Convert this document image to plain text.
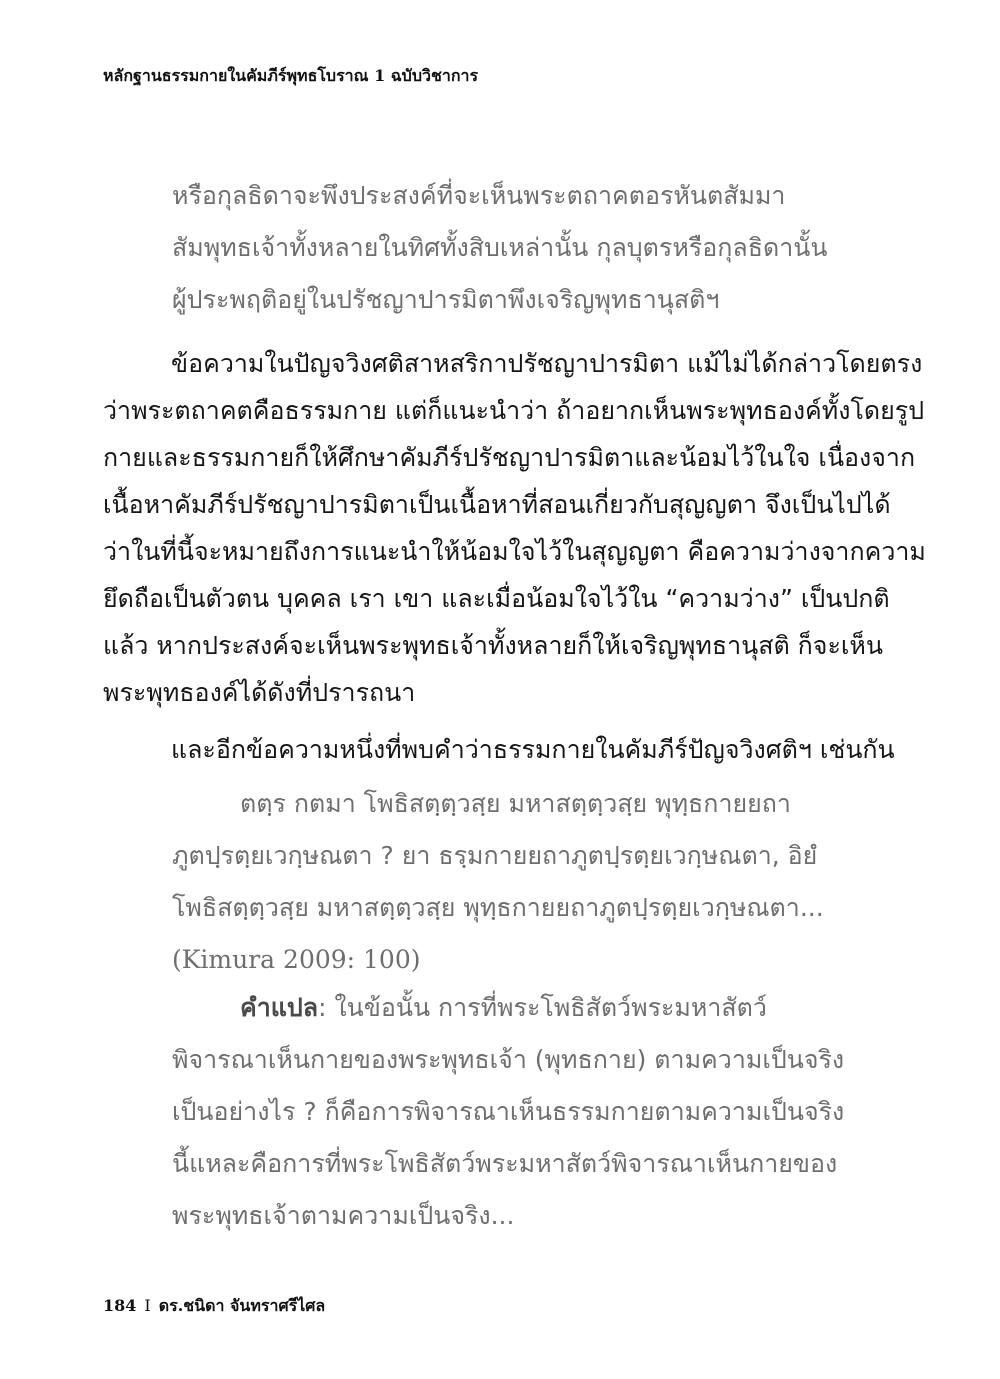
หลักฐานธรรมกายในคัมภีร์พุทธโบราณ 1 ฉบับวิชาการ
หรือกุลธิดาจะพึงประสงค์ที่จะเห็นพระตถาคตอรหันตสัมมา
สัมพุทธเจ้าทั้งหลายในทิศทั้งสิบเหล่านั้น กุลบุตรหรือกุลธิดานั้น
ผู้ประพฤติอยู่ในปรัชญาปารมิตาพึงเจริญพุทธานุสติฯ
ข้อความในปัญจวิงศติสาหสริกาปรัชญาปารมิตา แม้ไม่ได้กล่าวโดยตรง
ว่าพระตถาคตคือธรรมกาย แต่ก็แนะนำว่า ถ้าอยากเห็นพระพุทธองค์ทั้งโดยรูป
กายและธรรมกายก็ให้ศึกษาคัมภีร์ปรัชญาปารมิตาและน้อมไว้ในใจ เนื่องจาก
เนื้อหาคัมภีร์ปรัชญาปารมิตาเป็นเนื้อหาที่สอนเกี่ยวกับสุญญตา จึงเป็นไปได้
ว่าในที่นี้จะหมายถึงการแนะนำให้น้อมใจไว้ในสุญญตา คือความว่างจากความ
ยึดถือเป็นตัวตน บุคคล เรา เขา และเมื่อน้อมใจไว้ใน “ความว่าง” เป็นปกติ
แล้ว หากประสงค์จะเห็นพระพุทธเจ้าทั้งหลายก็ให้เจริญพุทธานุสติ ก็จะเห็น
พระพุทธองค์ได้ดังที่ปรารถนา
และอีกข้อความหนึ่งที่พบคำว่าธรรมกายในคัมภีร์ปัญจวิงศติฯ เช่นกัน
ตตฺร กตมา โพธิสตฺตฺวสฺย มหาสตฺตฺวสฺย พุทฺธกายยถา
ภูตปฺรตฺยเวกฺษณตา ? ยา ธรฺมกายยถาภูตปฺรตฺยเวกฺษณตา, อิยํ
โพธิสตฺตฺวสฺย มหาสตฺตฺวสฺย พุทฺธกายยถาภูตปฺรตฺยเวกฺษณตา...
(Kimura 2009: 100)
คำแปล: ในข้อนั้น การที่พระโพธิสัตว์พระมหาสัตว์
พิจารณาเห็นกายของพระพุทธเจ้า (พุทธกาย) ตามความเป็นจริง
เป็นอย่างไร ? ก็คือการพิจารณาเห็นธรรมกายตามความเป็นจริง
นี้แหละคือการที่พระโพธิสัตว์พระมหาสัตว์พิจารณาเห็นกายของ
พระพุทธเจ้าตามความเป็นจริง...
184 I ดร.ชนิดา จันทราศรีไศล
